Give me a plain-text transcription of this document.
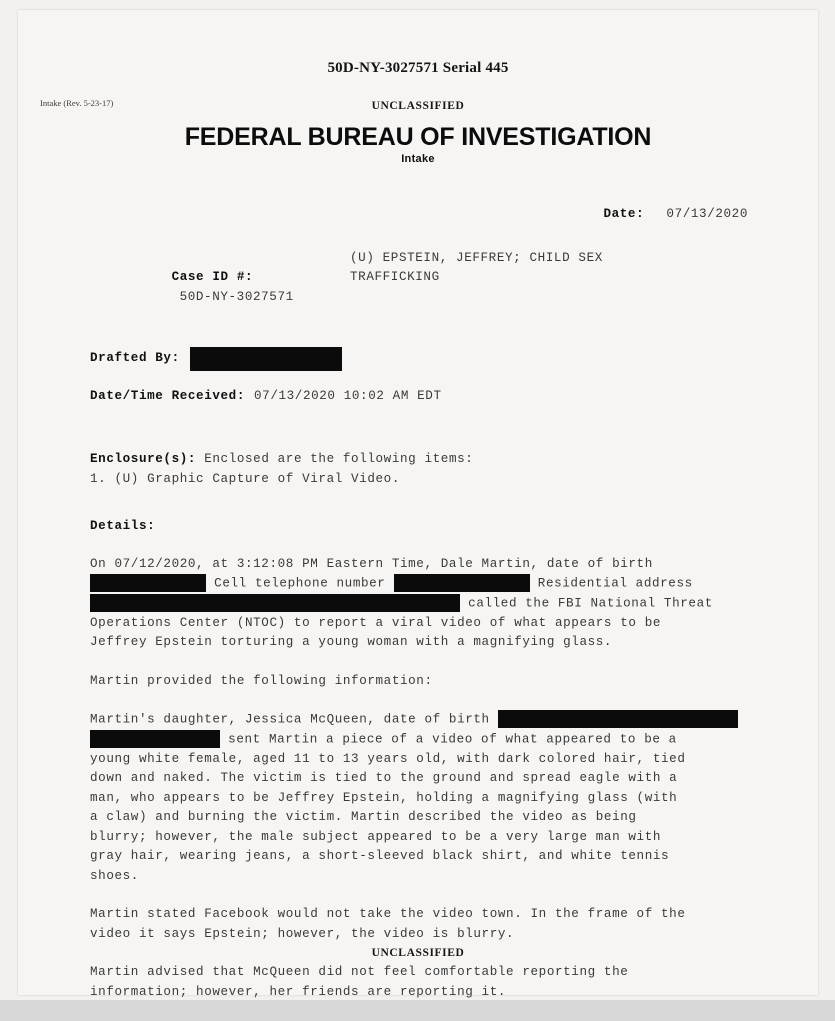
50D-NY-3027571 Serial 445
Intake (Rev. 5-23-17)	UNCLASSIFIED
FEDERAL BUREAU OF INVESTIGATION
Intake
Date: 07/13/2020

Case ID #:
50D-NY-3027571

(U) EPSTEIN, JEFFREY; CHILD SEX
TRAFFICKING
Drafted By:
Date/Time Received: 07/13/2020 10:02 AM EDT
Enclosure(s): Enclosed are the following items:
1. (U) Graphic Capture of Viral Video.
Details:
On 07/12/2020, at 3:12:08 PM Eastern Time, Dale Martin, date of birth
Cell telephone number	Residential address
called the FBI National Threat
Operations Center (NTOC) to report a viral video of what appears to be
Jeffrey Epstein torturing a young woman with a magnifying glass.
Martin provided the following information:
Martin's daughter, Jessica McQueen, date of birth
sent Martin a piece of a video of what appeared to be a
young white female, aged 11 to 13 years old, with dark colored hair, tied
down and naked. The victim is tied to the ground and spread eagle with a
man, who appears to be Jeffrey Epstein, holding a magnifying glass (with
a claw) and burning the victim. Martin described the video as being
blurry; however, the male subject appeared to be a very large man with
gray hair, wearing jeans, a short-sleeved black shirt, and white tennis
shoes.
Martin stated Facebook would not take the video town. In the frame of the
video it says Epstein; however, the video is blurry.
Martin advised that McQueen did not feel comfortable reporting the
information; however, her friends are reporting it.
UNCLASSIFIED
